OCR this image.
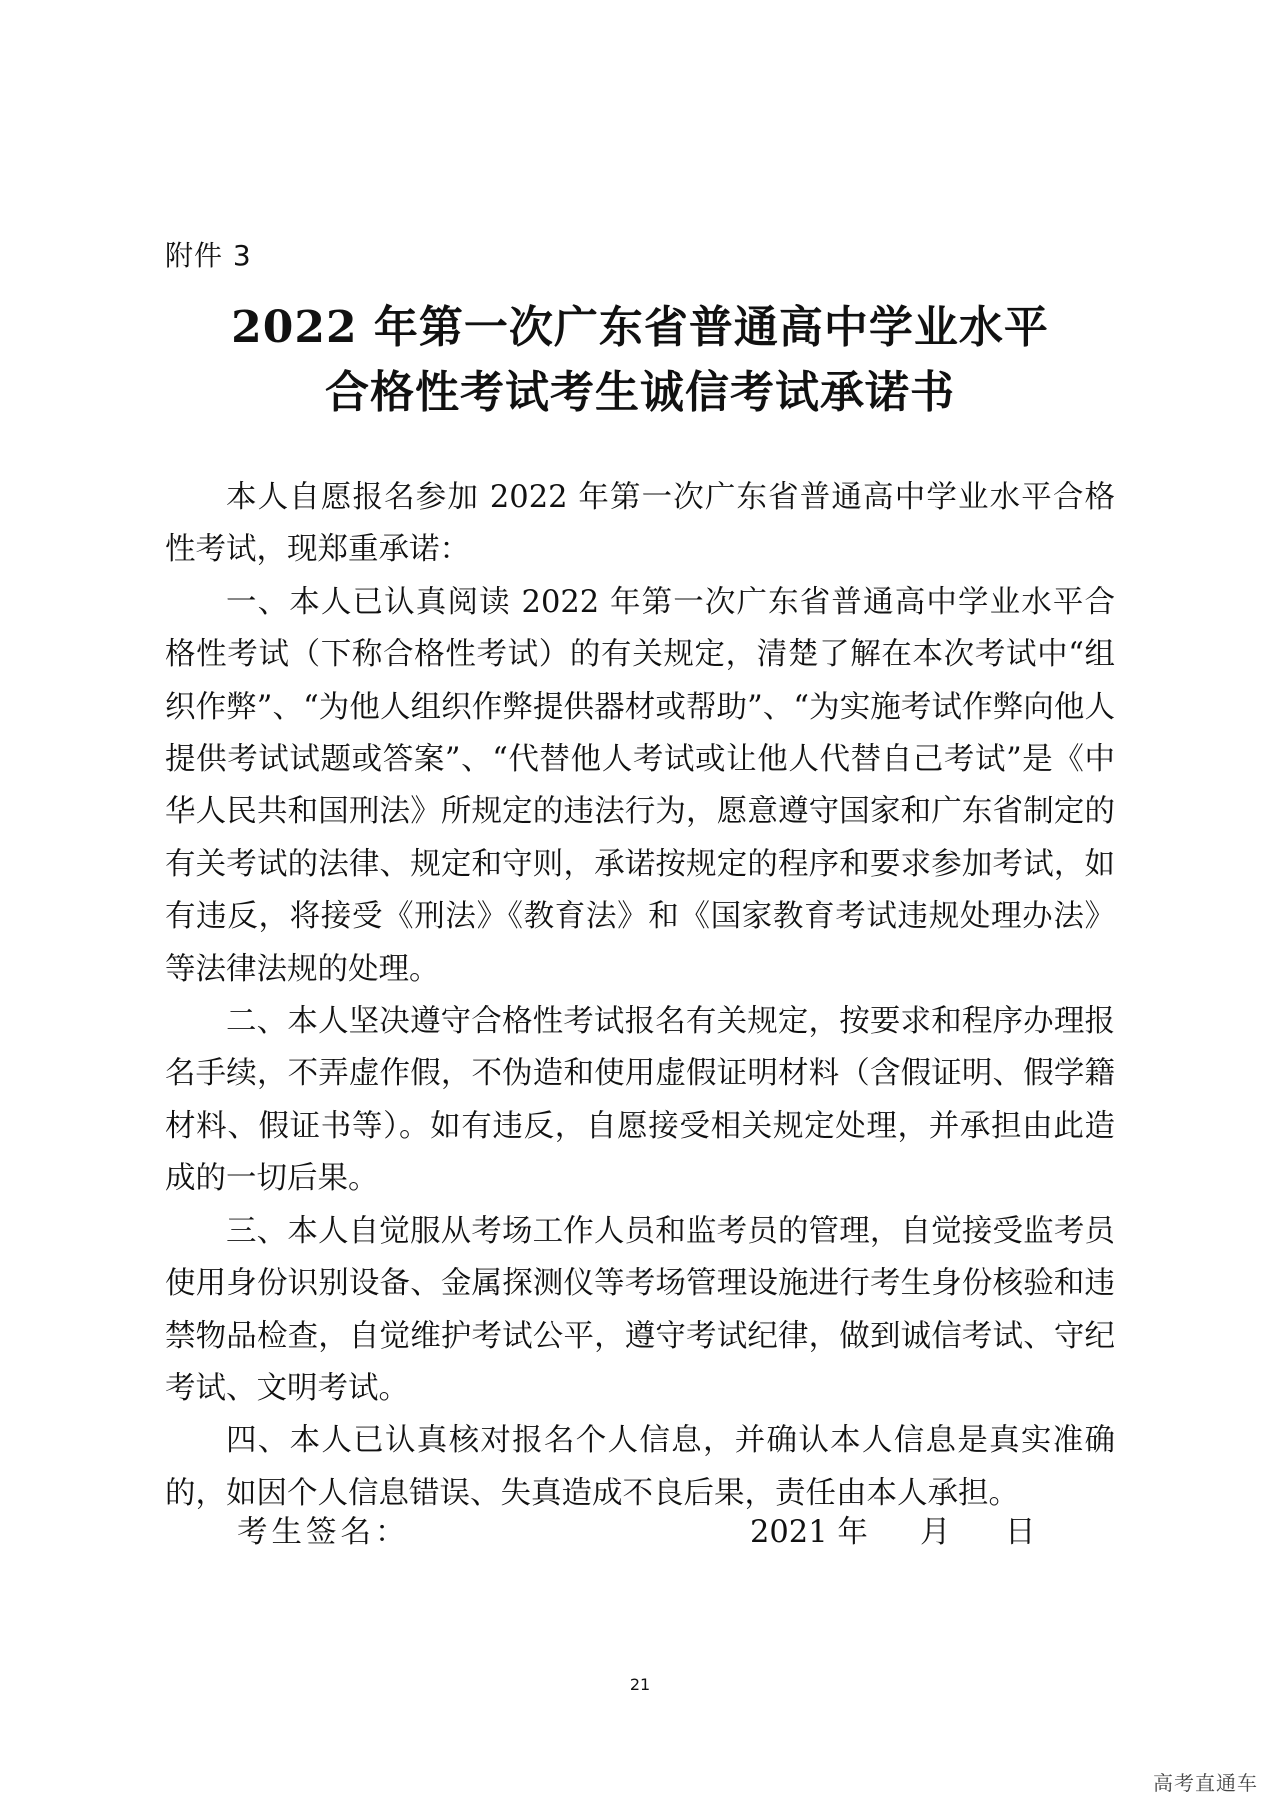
附件 3
2022 年第一次广东省普通高中学业水平
合格性考试考生诚信考试承诺书

本人自愿报名参加 2022 年第一次广东省普通高中学业水平合格性考试，现郑重承诺：

一、本人已认真阅读 2022 年第一次广东省普通高中学业水平合格性考试（下称合格性考试）的有关规定，清楚了解在本次考试中“组织作弊”、“为他人组织作弊提供器材或帮助”、“为实施考试作弊向他人提供考试试题或答案”、“代替他人考试或让他人代替自己考试”是《中华人民共和国刑法》所规定的违法行为，愿意遵守国家和广东省制定的有关考试的法律、规定和守则，承诺按规定的程序和要求参加考试，如有违反，将接受《刑法》《教育法》和《国家教育考试违规处理办法》等法律法规的处理。

二、本人坚决遵守合格性考试报名有关规定，按要求和程序办理报名手续，不弄虚作假，不伪造和使用虚假证明材料（含假证明、假学籍材料、假证书等）。如有违反，自愿接受相关规定处理，并承担由此造成的一切后果。

三、本人自觉服从考场工作人员和监考员的管理，自觉接受监考员使用身份识别设备、金属探测仪等考场管理设施进行考生身份核验和违禁物品检查，自觉维护考试公平，遵守考试纪律，做到诚信考试、守纪考试、文明考试。

四、本人已认真核对报名个人信息，并确认本人信息是真实准确的，如因个人信息错误、失真造成不良后果，责任由本人承担。

考生签名：	2021 年 月 日
21
高考直通车
